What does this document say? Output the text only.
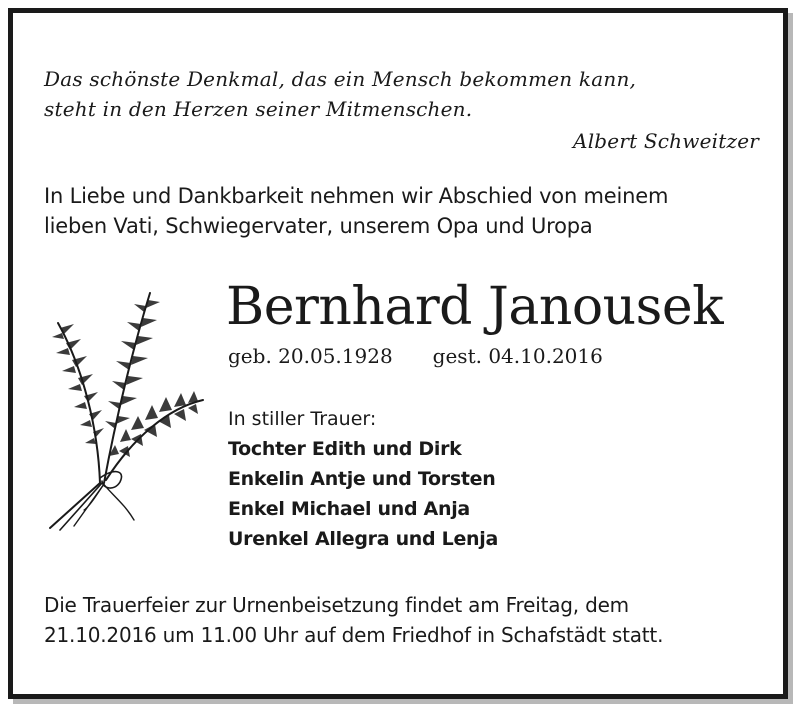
Das schönste Denkmal, das ein Mensch bekommen kann,
steht in den Herzen seiner Mitmenschen.
Albert Schweitzer
In Liebe und Dankbarkeit nehmen wir Abschied von meinem
lieben Vati, Schwiegervater, unserem Opa und Uropa
Bernhard Janousek
geb. 20.05.1928 gest. 04.10.2016
In stiller Trauer:
Tochter Edith und Dirk
Enkelin Antje und Torsten
Enkel Michael und Anja
Urenkel Allegra und Lenja
Die Trauerfeier zur Urnenbeisetzung findet am Freitag, dem
21.10.2016 um 11.00 Uhr auf dem Friedhof in Schafstädt statt.
